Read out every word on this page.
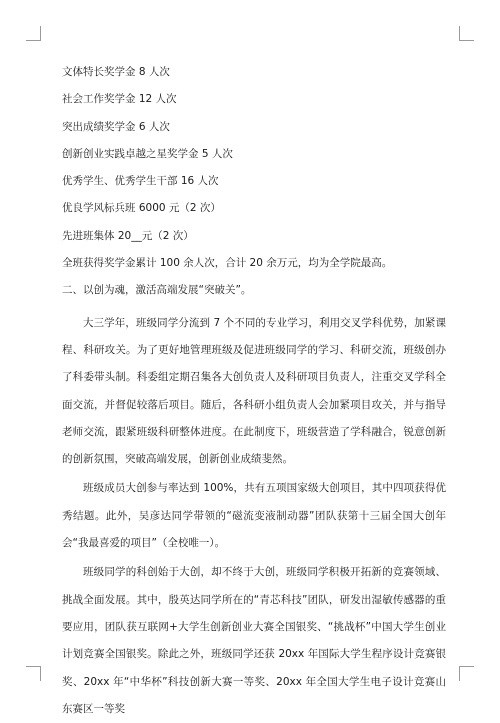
文体特长奖学金 8 人次
社会工作奖学金 12 人次
突出成绩奖学金 6 人次
创新创业实践卓越之星奖学金 5 人次
优秀学生、优秀学生干部 16 人次
优良学风标兵班 6000 元（2 次）
先进班集体 20__元（2 次）
全班获得奖学金累计 100 余人次，合计 20 余万元，均为全学院最高。
二、以创为魂，激活高端发展“突破关”。

大三学年，班级同学分流到 7 个不同的专业学习，利用交叉学科优势，加紧课程、科研攻关。为了更好地管理班级及促进班级同学的学习、科研交流，班级创办了科委带头制。科委组定期召集各大创负责人及科研项目负责人，注重交叉学科全面交流，并督促较落后项目。随后，各科研小组负责人会加紧项目攻关，并与指导老师交流，跟紧班级科研整体进度。在此制度下，班级营造了学科融合，锐意创新的创新氛围，突破高端发展，创新创业成绩斐然。

班级成员大创参与率达到 100%，共有五项国家级大创项目，其中四项获得优秀结题。此外，吴彦达同学带领的“磁流变液制动器”团队获第十三届全国大创年会“我最喜爱的项目”（全校唯一）。

班级同学的科创始于大创，却不终于大创，班级同学积极开拓新的竞赛领域、挑战全面发展。其中，殷英达同学所在的“青芯科技”团队，研发出湿敏传感器的重要应用，团队获互联网+大学生创新创业大赛全国银奖、“挑战杯”中国大学生创业计划竞赛全国银奖。除此之外，班级同学还获 20xx 年国际大学生程序设计竞赛银奖、20xx 年“中华杯”科技创新大赛一等奖、20xx 年全国大学生电子设计竞赛山东赛区一等奖
